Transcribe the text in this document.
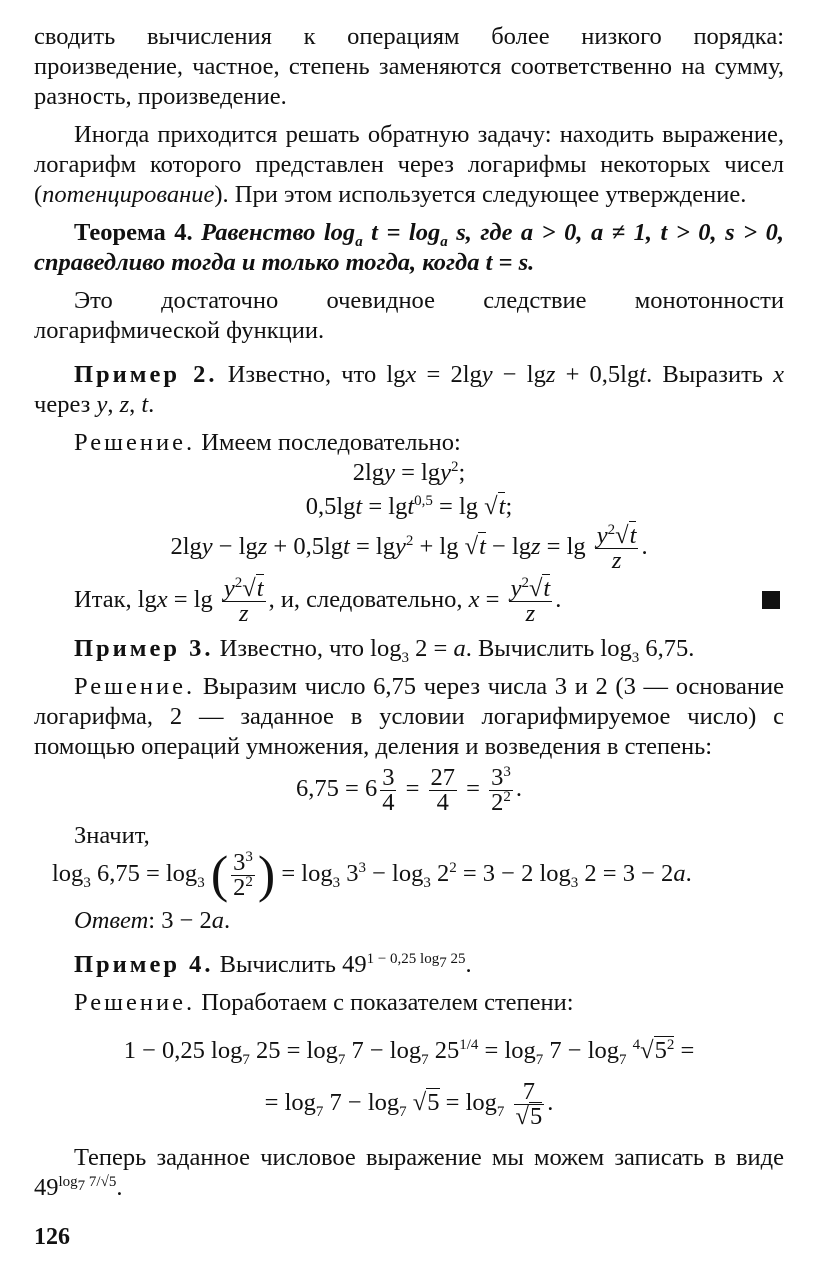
сводить вычисления к операциям более низкого порядка: произведение, частное, степень заменяются соответственно на сумму, разность, произведение.

Иногда приходится решать обратную задачу: находить выражение, логарифм которого представлен через логарифмы некоторых чисел (потенцирование). При этом используется следующее утверждение.

Теорема 4. Равенство $\log_a t = \log_a s$, где a > 0, a ≠ 1, t > 0, s > 0, справедливо тогда и только тогда, когда t = s.

Это достаточно очевидное следствие монотонности логарифмической функции.

Пример 2. Известно, что lgx = 2lgy − lgz + 0,5lgt. Выразить x через y, z, t.

Решение. Имеем последовательно:

2lgy = lgy$^2$;
0,5lgt = lgt$^{0,5}$ = lg √t;
$2\lg y - \lg z + 0,5\lg t = \lg y^2 + \lg √t - \lg z = \lg \frac{y^2√t}{z}$ .
Итак, $\lg x = \lg \frac{y^2√t}{z}$ , и, следовательно, $x = \frac{y^2√t}{z}$ .

Пример 3. Известно, что $\log_3 2 = a$. Вычислить $\log_3 6,75$.

Решение. Выразим число 6,75 через числа 3 и 2 (3 — основание логарифма, 2 — заданное в условии логарифмируемое число) с помощью операций умножения, деления и возведения в степень:

$6,75 = 6 \frac{3}{4} = \frac{27}{4} = \frac{3^3}{2^2}$ .

Значит,

$\log_3 6,75 = \log_3$ ( $\frac{3^3}{2^2}$ ) = $\log_3 3^3 - \log_3 2^2 = 3 - 2$ $\log_3 2 = 3 - 2a$.

Ответ: 3 − 2a.

Пример 4. Вычислить $49^{1 - 0,25 log_7 25}$.

Решение. Поработаем с показателем степени:

1 − 0,25 $\log_7 25 = \log_7 7 - \log_7 25^{1/4} = \log_7 7 - \log_7 ^4√5^2$ =
= $\log_7 7 - \log_7 √5 = \log_7 \frac{7}{√5}$ .

Теперь заданное числовое выражение мы можем записать в виде $49^{log_7 7/√5}$.

126
